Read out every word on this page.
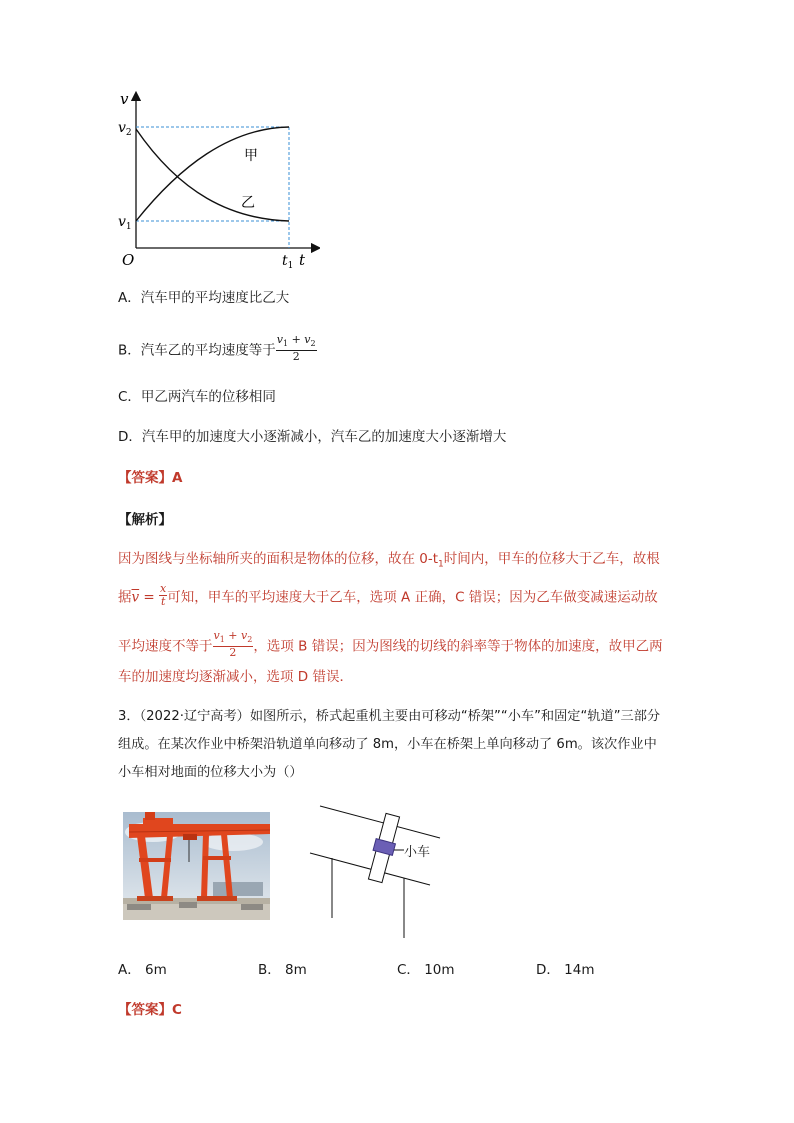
v
$v_2$
$v_1$
O	$t_1$ t
甲
乙
A．汽车甲的平均速度比乙大
B．汽车乙的平均速度等于 $\frac{v_1 + v_2}{2}$
C．甲乙两汽车的位移相同
D．汽车甲的加速度大小逐渐减小，汽车乙的加速度大小逐渐增大
【答案】A
【解析】
因为图线与坐标轴所夹的面积是物体的位移，故在 $0-t_1$时间内，甲车的位移大于乙车，故根
据$\overline{v} = \frac{x}{t}$ 可知，甲车的平均速度大于乙车，选项 A 正确，C 错误；因为乙车做变减速运动故
平均速度不等于 $\frac{v_1 + v_2}{2}$ ，选项 B 错误；因为图线的切线的斜率等于物体的加速度，故甲乙两
车的加速度均逐渐减小，选项 D 错误．
3．（2022·辽宁高考）如图所示，桥式起重机主要由可移动“桥架”“小车”和固定“轨道”三部分
组成。在某次作业中桥架沿轨道单向移动了 8m，小车在桥架上单向移动了 6m。该次作业中
小车相对地面的位移大小为（）
小车
A． 6m	B． 8m	C． 10m	D． 14m
【答案】C
